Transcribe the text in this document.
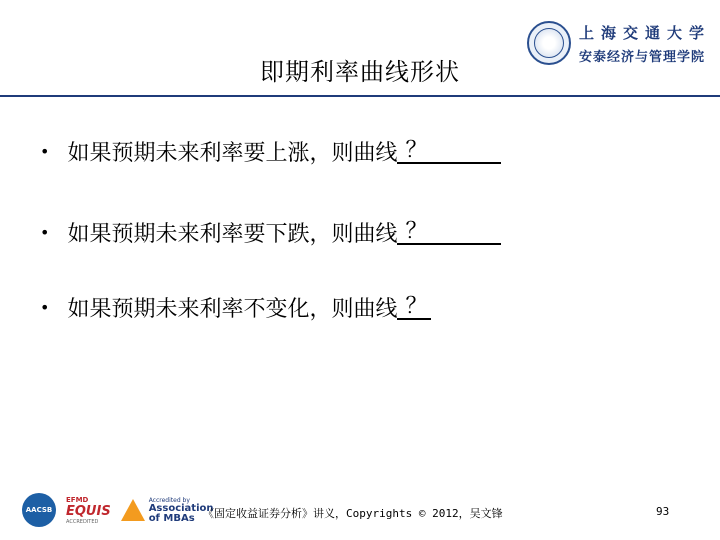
上海交通大学
安泰经济与管理学院
即期利率曲线形状
• 如果预期未来利率要上涨，则曲线 ？
• 如果预期未来利率要下跌，则曲线 ？
• 如果预期未来利率不变化，则曲线 ？
AACSB
EFMD
EQUIS
ACCREDITED
Accredited by
Association
of MBAs 《固定收益证券分析》讲义，Copyrights © 2012，吴文锋	93
